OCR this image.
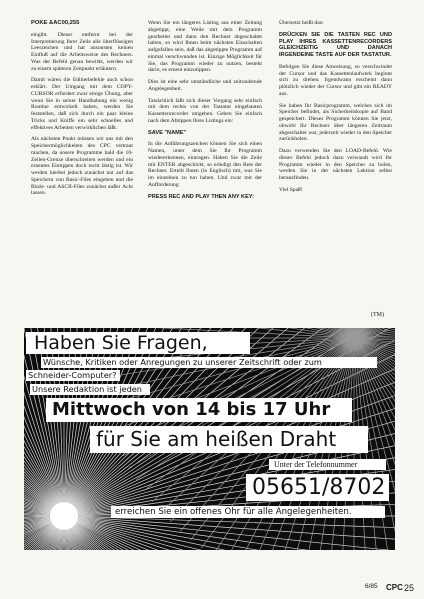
POKE &AC00,255

eingibt. Dieser entfernt bei der Interpretierung Ihrer Zeile alle überflüssigen Leerzeichen und hat ansonsten keinen Einfluß auf die Arbeitsweise des Rechners. Was der Befehl genau bewirkt, werden wir zu einem späteren Zeitpunkt erläutern.

Damit wären die Editierbefehle auch schon erklärt. Der Umgang mit dem COPY-CURSOR erfordert zwar einige Übung, aber wenn Sie in seiner Handhabung ein wenig Routine entwickelt haben, werden Sie feststellen, daß sich durch ein paar kleine Tricks und Kniffe ein sehr schnelles und effektives Arbeiten verwirklichen läßt.

Als nächsten Punkt müssen wir uns mit den Speichermöglichkeiten des CPC vertraut machen, da unsere Programme bald die 10-Zeilen-Grenze überschreiten werden und ein erneutes Eintippen doch recht lästig ist. Wir werden hierbei jedoch zunächst nur auf das Speichern von Basic-Files eingehen und die Binär- und ASCII-Files zunächst außer Acht lassen.

Wenn Sie ein längeres Listing aus einer Zeitung abgetippt, eine Weile mit dem Programm gearbeitet und dann den Rechner abgeschaltet haben, so wird Ihnen beim nächsten Einschalten aufgefallen sein, daß das abgetippte Programm auf einmal verschwunden ist. Einzige Möglichkeit für Sie, das Programm wieder zu nutzen, besteht darin, es erneut einzutippen.

Dies ist eine sehr umständliche und zeitraubende Angelegenheit.

Tatsächlich läßt sich dieser Vorgang sehr einfach mit dem rechts von der Tastatur eingebauten Kassettenrecorder umgehen. Geben Sie einfach nach dem Abtippen Ihres Listings ein:

SAVE "NAME"

In die Anführungszeichen können Sie sich einen Namen, unter dem Sie Ihr Programm wiedererkennen, eintragen. Haben Sie die Zeile mit ENTER abgeschickt, so erledigt den Rest der Rechner. Erteilt Ihnen (in Englisch) mit, was Sie im einzelnen zu tun haben. Und zwar mit der Aufforderung

PRESS REC AND PLAY THEN ANY KEY:

Übersetzt heißt das:

DRÜCKEN SIE DIE TASTEN REC UND PLAY IHRES KASSETTENRECORDERS GLEICHZEITIG UND DANACH IRGENDEINE TASTE AUF DER TASTATUR.

Befolgen Sie diese Anweisung, so verschwindet der Cursor und das Kassettenlaufwerk beginnt sich zu drehen. Irgendwann erscheint dann plötzlich wieder der Cursor und gibt ein READY aus.

Sie haben Ihr Basicprogramm, welches sich im Speicher befindet, als Sicherheitskopie auf Band gespeichert. Dieses Programm können Sie jetzt, obwohl Ihr Rechner über längeren Zeitraum abgeschaltet war, jederzeit wieder in den Speicher zurückholen.

Dazu verwenden Sie den LOAD-Befehl. Wie dieser Befehl jedoch dazu verwandt wird Ihr Programm wieder in den Speicher zu holen, werden Sie in der nächsten Lektion selbst herausfinden.

Viel Spaß!

(TM)
Haben Sie Fragen,
Wünsche, Kritiken oder Anregungen zu unserer Zeitschrift oder zum
Schneider-Computer?
Unsere Redaktion ist jeden
Mittwoch von 14 bis 17 Uhr
für Sie am heißen Draht
Unter der Telefonnummer
05651/8702
erreichen Sie ein offenes Ohr für alle Angelegenheiten.
6/85 CPC 25
